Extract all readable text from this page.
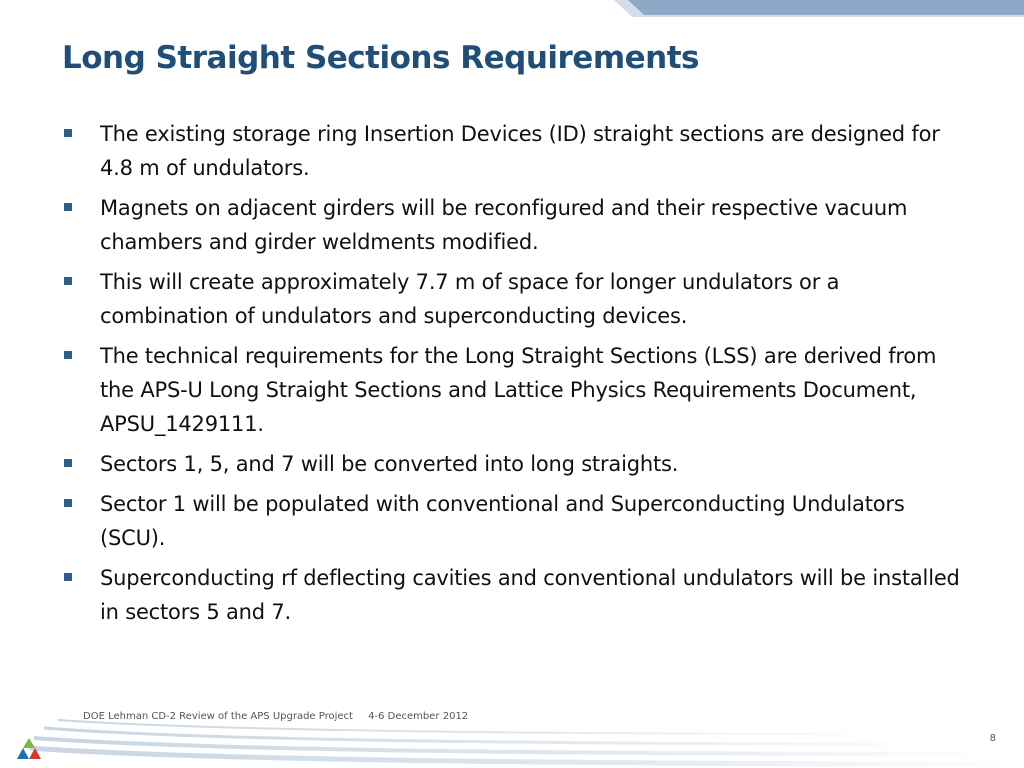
Long Straight Sections Requirements
The existing storage ring Insertion Devices (ID) straight sections are designed for 4.8 m of undulators.
Magnets on adjacent girders will be reconfigured and their respective vacuum chambers and girder weldments modified.
This will create approximately 7.7 m of space for longer undulators or a combination of undulators and superconducting devices.
The technical requirements for the Long Straight Sections (LSS) are derived from the APS-U Long Straight Sections and Lattice Physics Requirements Document, APSU_1429111.
Sectors 1, 5, and 7 will be converted into long straights.
Sector 1 will be populated with conventional and Superconducting Undulators (SCU).
Superconducting rf deflecting cavities and conventional undulators will be installed in sectors 5 and 7.
DOE Lehman CD-2 Review of the APS Upgrade Project 4-6 December 2012
8
